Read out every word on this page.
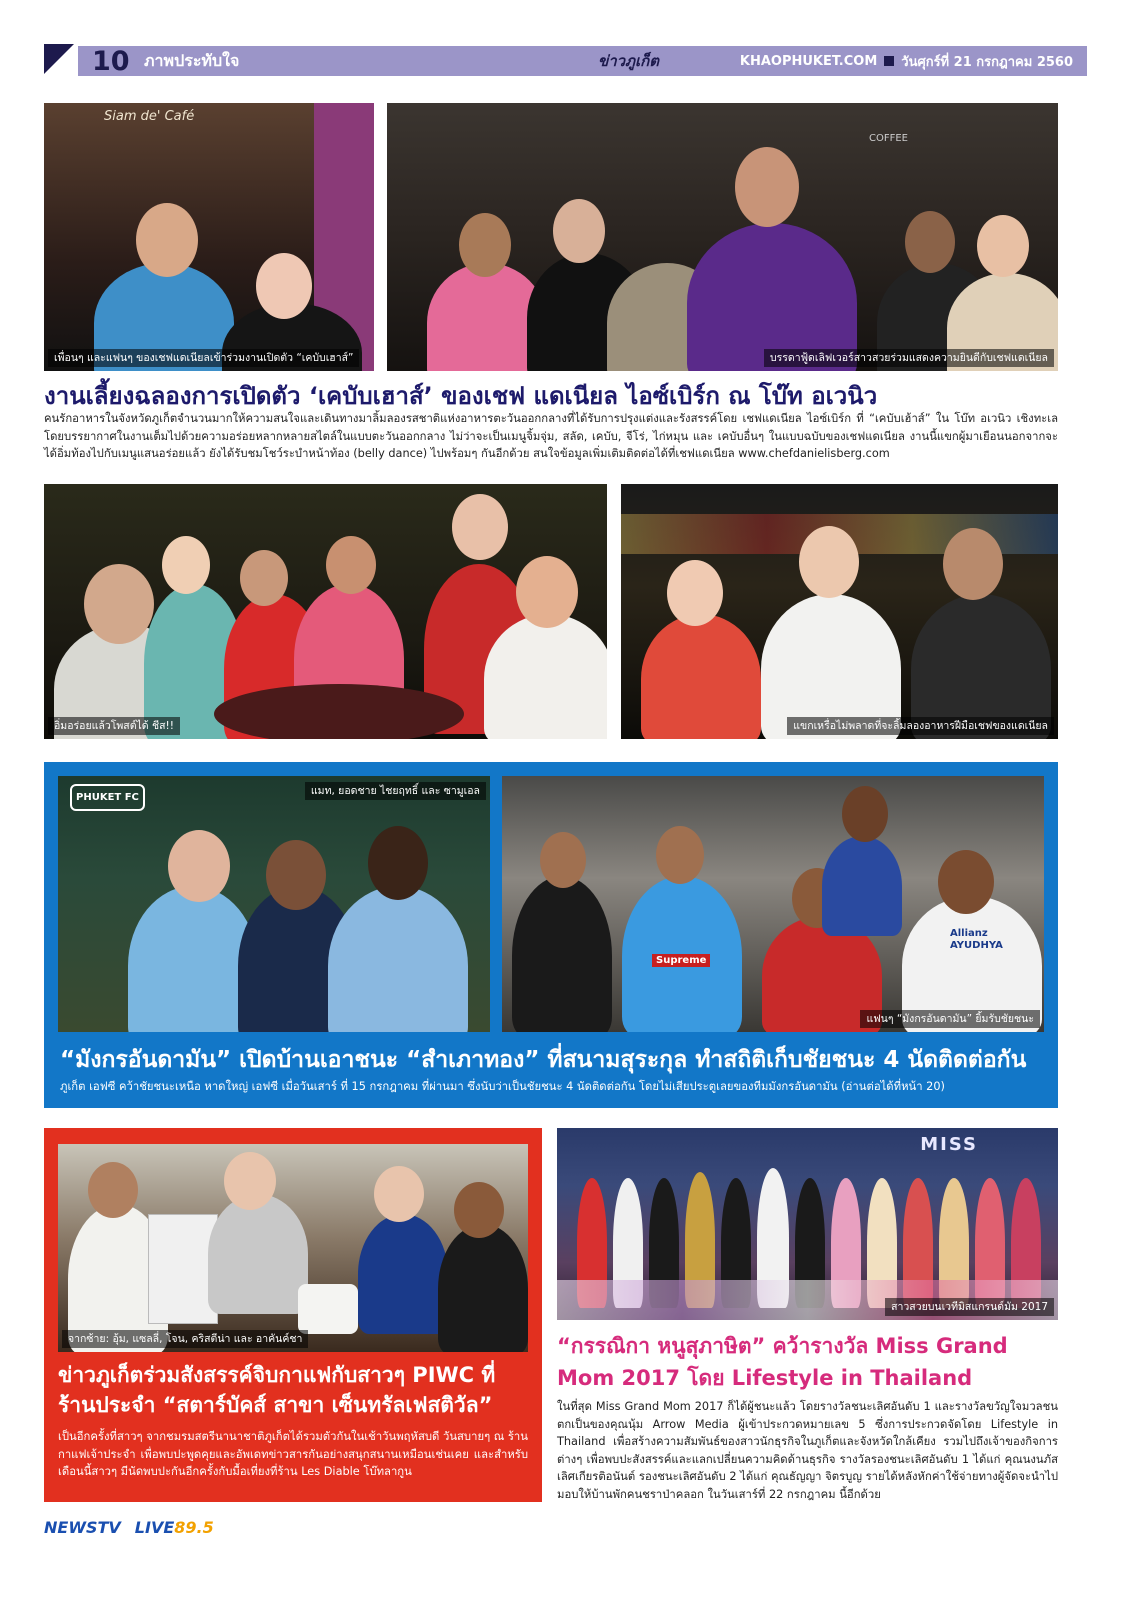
10 ภาพประทับใจ	ข่าวภูเก็ต	KHAOPHUKET.COM วันศุกร์ที่ 21 กรกฎาคม 2560
Siam de' Café
เพื่อนๆ และแฟนๆ ของเชฟแดเนียลเข้าร่วมงานเปิดตัว “เคบับเฮาส์”
COFFEE
บรรดาฟู้ดเลิฟเวอร์สาวสวยร่วมแสดงความยินดีกับเชฟแดเนียล
งานเลี้ยงฉลองการเปิดตัว ‘เคบับเฮาส์’ ของเชฟ แดเนียล ไอซ์เบิร์ก ณ โบ๊ท อเวนิว
คนรักอาหารในจังหวัดภูเก็ตจำนวนมากให้ความสนใจและเดินทางมาลิ้มลองรสชาติแห่งอาหารตะวันออกกลางที่ได้รับการปรุงแต่งและรังสรรค์โดย เชฟแดเนียล ไอซ์เบิร์ก ที่ “เคบับเฮ้าส์” ใน โบ๊ท อเวนิว เชิงทะเล โดยบรรยากาศในงานเต็มไปด้วยความอร่อยหลากหลายสไตล์ในแบบตะวันออกกลาง ไม่ว่าจะเป็นเมนูจิ้มจุ่ม, สลัด, เคบับ, จีโร่, ไก่หมุน และ เคบับอื่นๆ ในแบบฉบับของเชฟแดเนียล งานนี้แขกผู้มาเยือนนอกจากจะได้อิ่มท้องไปกับเมนูแสนอร่อยแล้ว ยังได้รับชมโชว์ระบำหน้าท้อง (belly dance) ไปพร้อมๆ กันอีกด้วย สนใจข้อมูลเพิ่มเติมติดต่อได้ที่เชฟแดเนียล www.chefdanielisberg.com
อิ่มอร่อยแล้วโพสต์ได้ ชีส!!	แขกเหรื่อไม่พลาดที่จะลิ้มลองอาหารฝีมือเชฟของแดเนียล
PHUKET FC
แมท, ยอดชาย ไชยฤทธิ์ และ ซามูเอล
Supreme
Allianz
AYUDHYA
แฟนๆ “มังกรอันดามัน” ยิ้มรับชัยชนะ
“มังกรอันดามัน” เปิดบ้านเอาชนะ “สำเภาทอง” ที่สนามสุระกุล ทำสถิติเก็บชัยชนะ 4 นัดติดต่อกัน
ภูเก็ต เอฟซี คว้าชัยชนะเหนือ หาดใหญ่ เอฟซี เมื่อวันเสาร์ ที่ 15 กรกฎาคม ที่ผ่านมา ซึ่งนับว่าเป็นชัยชนะ 4 นัดติดต่อกัน โดยไม่เสียประตูเลยของทีมมังกรอันดามัน (อ่านต่อได้ที่หน้า 20)
จากซ้าย: อุ้ม, แซลลี่, โจน, คริสตีน่า และ อาคันค์ชา
ข่าวภูเก็ตร่วมสังสรรค์จิบกาแฟกับสาวๆ PIWC ที่
ร้านประจำ “สตาร์บัคส์ สาขา เซ็นทรัลเฟสติวัล”
เป็นอีกครั้งที่สาวๆ จากชมรมสตรีนานาชาติภูเก็ตได้รวมตัวกันในเช้าวันพฤหัสบดี วันสบายๆ ณ ร้านกาแฟเจ้าประจำ เพื่อพบปะพูดคุยและอัพเดทข่าวสารกันอย่างสนุกสนานเหมือนเช่นเคย และสำหรับเดือนนี้สาวๆ มีนัดพบปะกันอีกครั้งกับมื้อเที่ยงที่ร้าน Les Diable โบ๊ทลากูน
MISS
สาวสวยบนเวทีมิสแกรนด์มัม 2017
“กรรณิกา หนูสุภาษิต” คว้ารางวัล Miss Grand
Mom 2017 โดย Lifestyle in Thailand
ในที่สุด Miss Grand Mom 2017 ก็ได้ผู้ชนะแล้ว โดยรางวัลชนะเลิศอันดับ 1 และรางวัลขวัญใจมวลชนตกเป็นของคุณนุ้ม Arrow Media ผู้เข้าประกวดหมายเลข 5 ซึ่งการประกวดจัดโดย Lifestyle in Thailand เพื่อสร้างความสัมพันธ์ของสาวนักธุรกิจในภูเก็ตและจังหวัดใกล้เคียง รวมไปถึงเจ้าของกิจการต่างๆ เพื่อพบปะสังสรรค์และแลกเปลี่ยนความคิดด้านธุรกิจ รางวัลรองชนะเลิศอันดับ 1 ได้แก่ คุณนงนภัส เลิศเกียรติอนันต์ รองชนะเลิศอันดับ 2 ได้แก่ คุณธัญญา จิตรบูญ รายได้หลังหักค่าใช้จ่ายทางผู้จัดจะนำไปมอบให้บ้านพักคนชราป่าคลอก ในวันเสาร์ที่ 22 กรกฎาคม นี้อีกด้วย
NEWSTV LIVE89.5
